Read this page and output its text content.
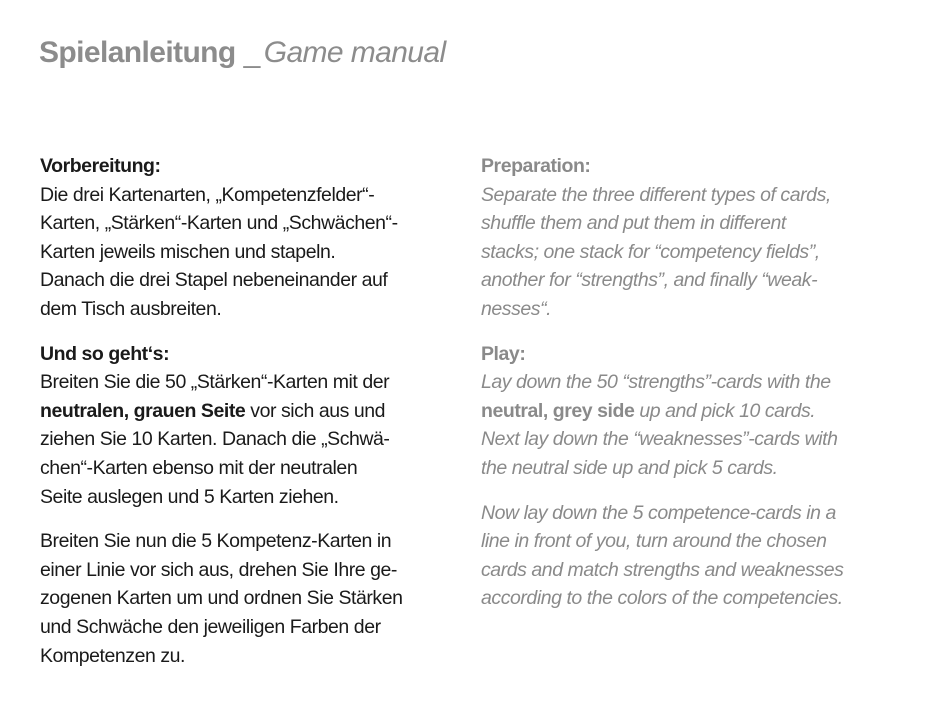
Spielanleitung _ Game manual
Vorbereitung:
Die drei Kartenarten, „Kompetenzfelder“-
Karten, „Stärken“-Karten und „Schwächen“-
Karten jeweils mischen und stapeln.
Danach die drei Stapel nebeneinander auf
dem Tisch ausbreiten.
Und so geht‘s:
Breiten Sie die 50 „Stärken“-Karten mit der
neutralen, grauen Seite vor sich aus und
ziehen Sie 10 Karten. Danach die „Schwä-
chen“-Karten ebenso mit der neutralen
Seite auslegen und 5 Karten ziehen.
Breiten Sie nun die 5 Kompetenz-Karten in
einer Linie vor sich aus, drehen Sie Ihre ge-
zogenen Karten um und ordnen Sie Stärken
und Schwäche den jeweiligen Farben der
Kompetenzen zu.
Preparation:
Separate the three different types of cards,
shuffle them and put them in different
stacks; one stack for “competency fields”,
another for “strengths”, and finally “weak-
nesses“.
Play:
Lay down the 50 “strengths”-cards with the
neutral, grey side up and pick 10 cards.
Next lay down the “weaknesses”-cards with
the neutral side up and pick 5 cards.
Now lay down the 5 competence-cards in a
line in front of you, turn around the chosen
cards and match strengths and weaknesses
according to the colors of the competencies.
